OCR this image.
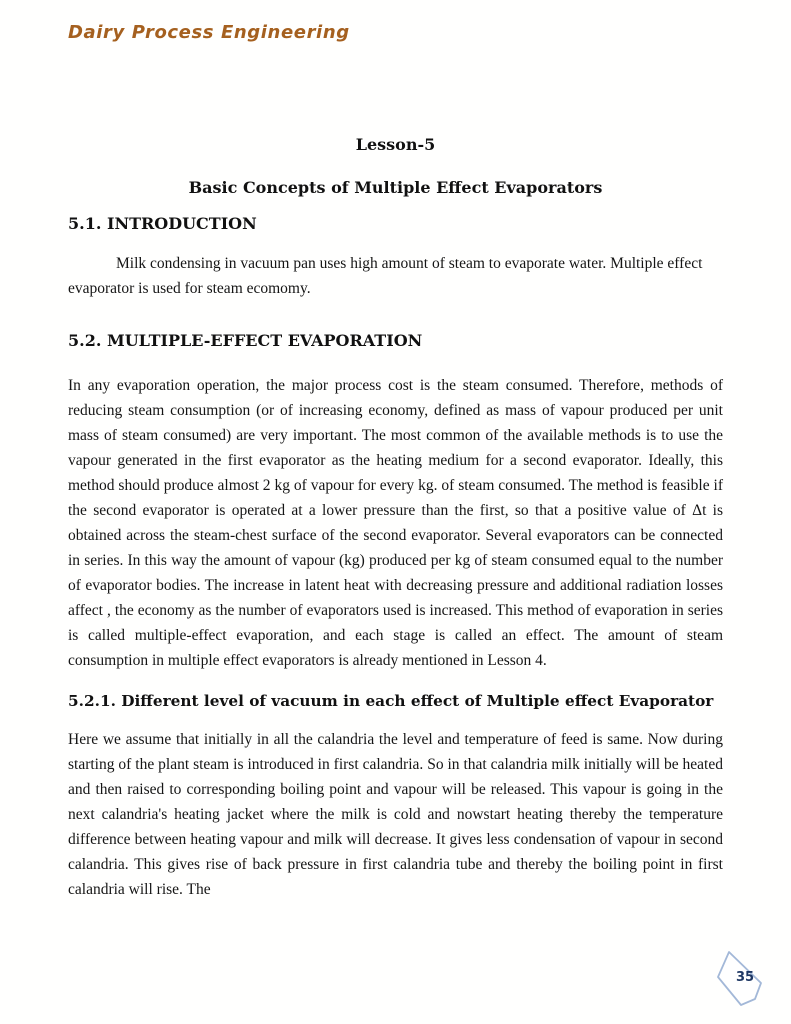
Dairy Process Engineering
Lesson-5
Basic Concepts of Multiple Effect Evaporators
5.1. INTRODUCTION

Milk condensing in vacuum pan uses high amount of steam to evaporate water. Multiple effect evaporator is used for steam ecomomy.

5.2. MULTIPLE-EFFECT EVAPORATION

In any evaporation operation, the major process cost is the steam consumed. Therefore, methods of reducing steam consumption (or of increasing economy, defined as mass of vapour produced per unit mass of steam consumed) are very important. The most common of the available methods is to use the vapour generated in the first evaporator as the heating medium for a second evaporator. Ideally, this method should produce almost 2 kg of vapour for every kg. of steam consumed. The method is feasible if the second evaporator is operated at a lower pressure than the first, so that a positive value of Δt is obtained across the steam-chest surface of the second evaporator. Several evaporators can be connected in series. In this way the amount of vapour (kg) produced per kg of steam consumed equal to the number of evaporator bodies. The increase in latent heat with decreasing pressure and additional radiation losses affect , the economy as the number of evaporators used is increased. This method of evaporation in series is called multiple-effect evaporation, and each stage is called an effect. The amount of steam consumption in multiple effect evaporators is already mentioned in Lesson 4.

5.2.1. Different level of vacuum in each effect of Multiple effect Evaporator

Here we assume that initially in all the calandria the level and temperature of feed is same. Now during starting of the plant steam is introduced in first calandria. So in that calandria milk initially will be heated and then raised to corresponding boiling point and vapour will be released. This vapour is going in the next calandria's heating jacket where the milk is cold and nowstart heating thereby the temperature difference between heating vapour and milk will decrease. It gives less condensation of vapour in second calandria. This gives rise of back pressure in first calandria tube and thereby the boiling point in first calandria will rise. The

35
